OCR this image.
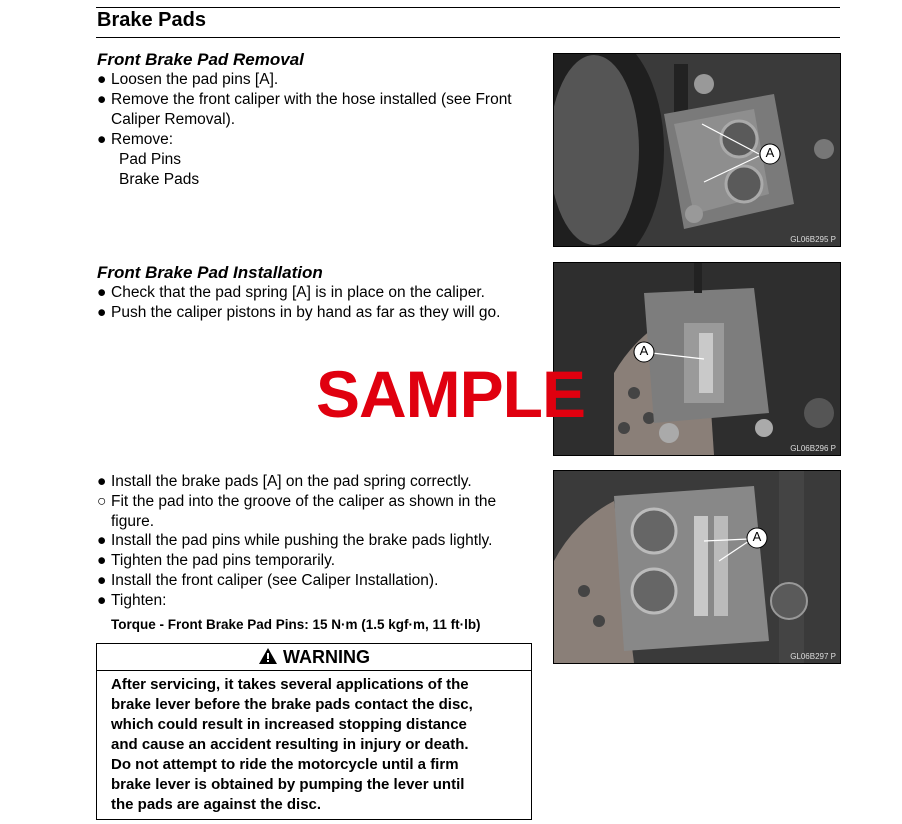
Brake Pads
Front Brake Pad Removal
● Loosen the pad pins [A].
● Remove the front caliper with the hose installed (see Front
Caliper Removal).
● Remove:
Pad Pins
Brake Pads
Front Brake Pad Installation
● Check that the pad spring [A] is in place on the caliper.
● Push the caliper pistons in by hand as far as they will go.
● Install the brake pads [A] on the pad spring correctly.
○ Fit the pad into the groove of the caliper as shown in the
figure.
● Install the pad pins while pushing the brake pads lightly.
● Tighten the pad pins temporarily.
● Install the front caliper (see Caliper Installation).
● Tighten:
Torque - Front Brake Pad Pins: 15 N·m (1.5 kgf·m, 11 ft·lb)
WARNING
After servicing, it takes several applications of the
brake lever before the brake pads contact the disc,
which could result in increased stopping distance
and cause an accident resulting in injury or death.
Do not attempt to ride the motorcycle until a firm
brake lever is obtained by pumping the lever until
the pads are against the disc.
A
GL06B295 P
A
GL06B296 P
A
GL06B297 P
SAMPLE
